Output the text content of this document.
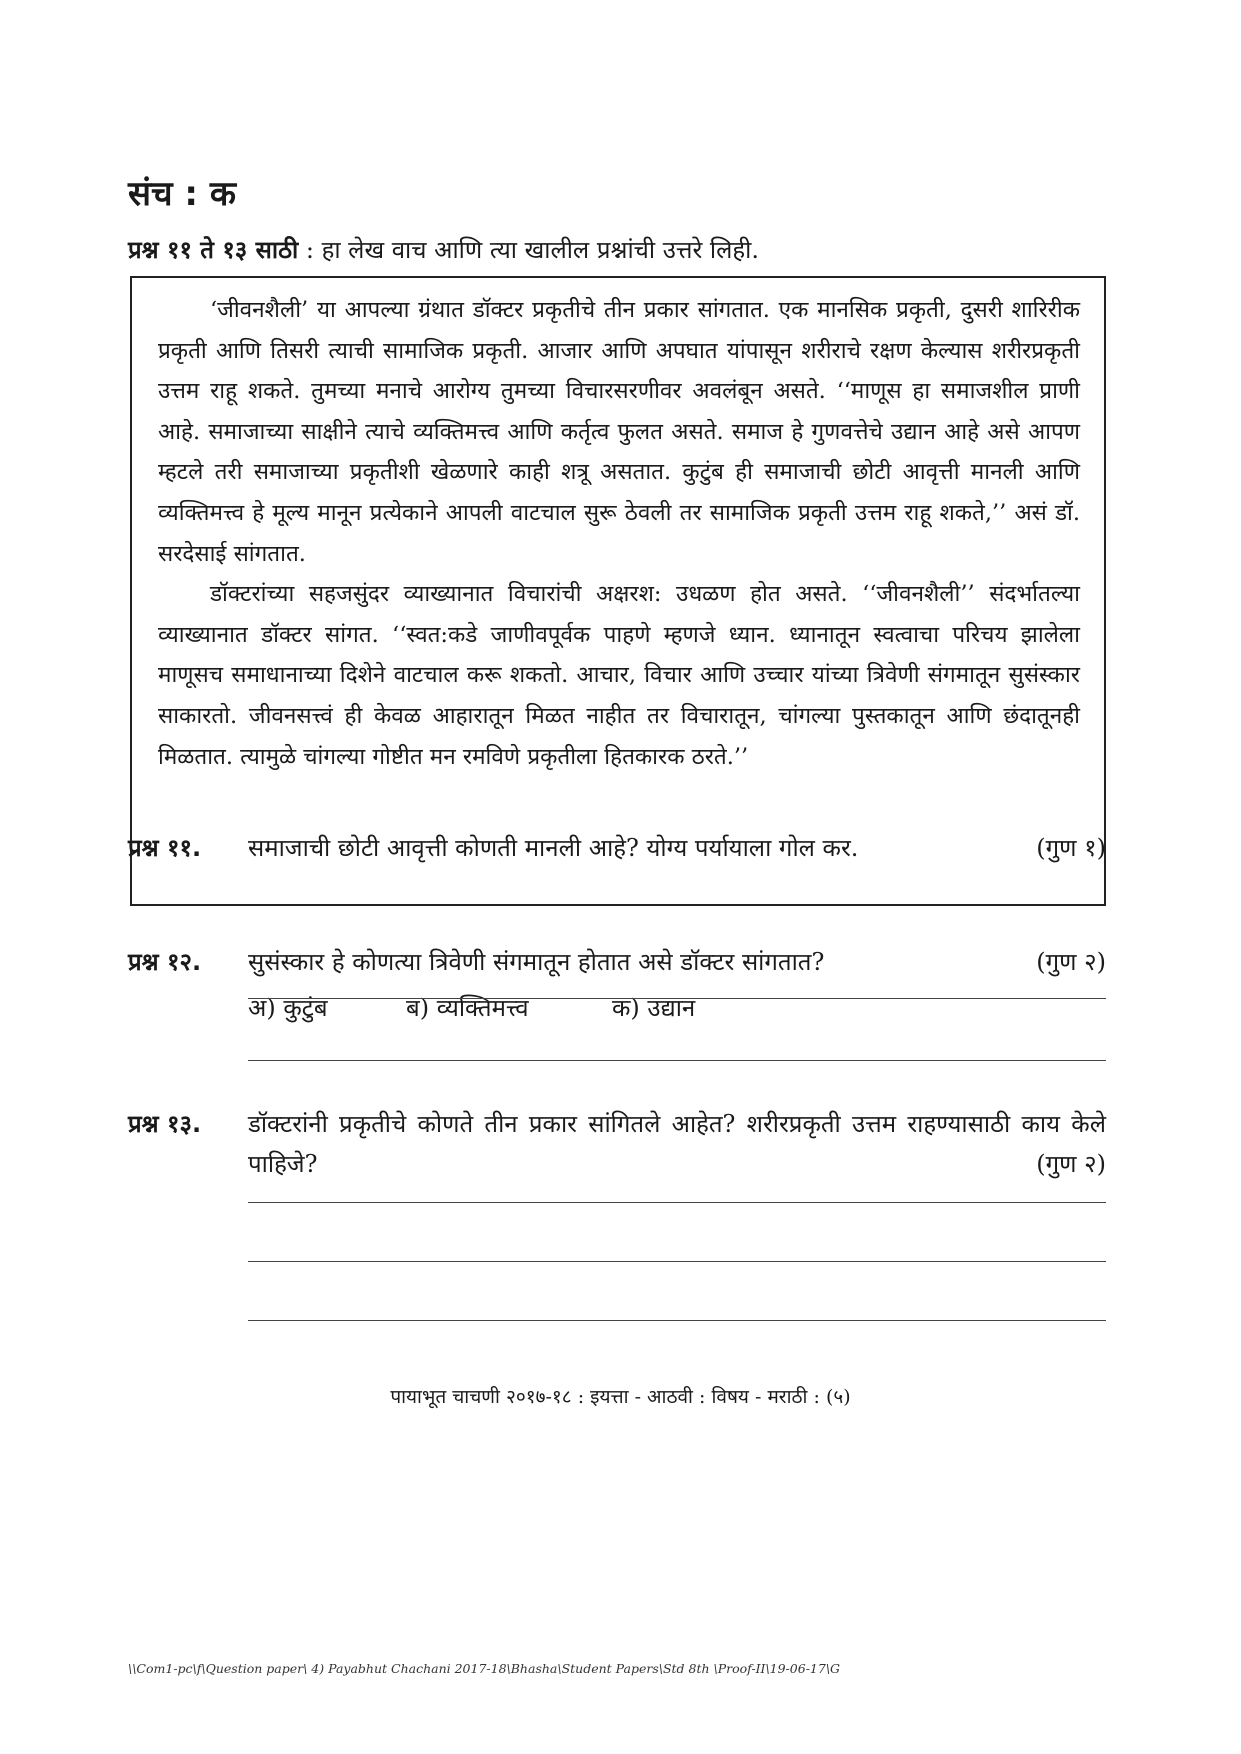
संच : क
प्रश्न ११ ते १३ साठी : हा लेख वाच आणि त्या खालील प्रश्नांची उत्तरे लिही.

‘जीवनशैली’ या आपल्या ग्रंथात डॉक्टर प्रकृतीचे तीन प्रकार सांगतात. एक मानसिक प्रकृती, दुसरी शारिरीक प्रकृती आणि तिसरी त्याची सामाजिक प्रकृती. आजार आणि अपघात यांपासून शरीराचे रक्षण केल्यास शरीरप्रकृती उत्तम राहू शकते. तुमच्या मनाचे आरोग्य तुमच्या विचारसरणीवर अवलंबून असते. ‘‘माणूस हा समाजशील प्राणी आहे. समाजाच्या साक्षीने त्याचे व्यक्तिमत्त्व आणि कर्तृत्व फुलत असते. समाज हे गुणवत्तेचे उद्यान आहे असे आपण म्हटले तरी समाजाच्या प्रकृतीशी खेळणारे काही शत्रू असतात. कुटुंब ही समाजाची छोटी आवृत्ती मानली आणि व्यक्तिमत्त्व हे मूल्य मानून प्रत्येकाने आपली वाटचाल सुरू ठेवली तर सामाजिक प्रकृती उत्तम राहू शकते,’’ असं डॉ. सरदेसाई सांगतात.

डॉक्टरांच्या सहजसुंदर व्याख्यानात विचारांची अक्षरश: उधळण होत असते. ‘‘जीवनशैली’’ संदर्भातल्या व्याख्यानात डॉक्टर सांगत. ‘‘स्वत:कडे जाणीवपूर्वक पाहणे म्हणजे ध्यान. ध्यानातून स्वत्वाचा परिचय झालेला माणूसच समाधानाच्या दिशेने वाटचाल करू शकतो. आचार, विचार आणि उच्चार यांच्या त्रिवेणी संगमातून सुसंस्कार साकारतो. जीवनसत्त्वं ही केवळ आहारातून मिळत नाहीत तर विचारातून, चांगल्या पुस्तकातून आणि छंदातूनही मिळतात. त्यामुळे चांगल्या गोष्टीत मन रमविणे प्रकृतीला हितकारक ठरते.’’

प्रश्न ११. समाजाची छोटी आवृत्ती कोणती मानली आहे? योग्य पर्यायाला गोल कर.	(गुण १)
अ) कुटुंब	ब) व्यक्तिमत्त्व	क) उद्यान
प्रश्न १२. सुसंस्कार हे कोणत्या त्रिवेणी संगमातून होतात असे डॉक्टर सांगतात?	(गुण २)
प्रश्न १३. डॉक्टरांनी प्रकृतीचे कोणते तीन प्रकार सांगितले आहेत? शरीरप्रकृती उत्तम राहण्यासाठी काय केले पाहिजे?	(गुण २)
पायाभूत चाचणी २०१७-१८ : इयत्ता - आठवी : विषय - मराठी : (५)
\\Com1-pc\f\Question paper\ 4) Payabhut Chachani 2017-18\Bhasha\Student Papers\Std 8th \Proof-II\19-06-17\G
